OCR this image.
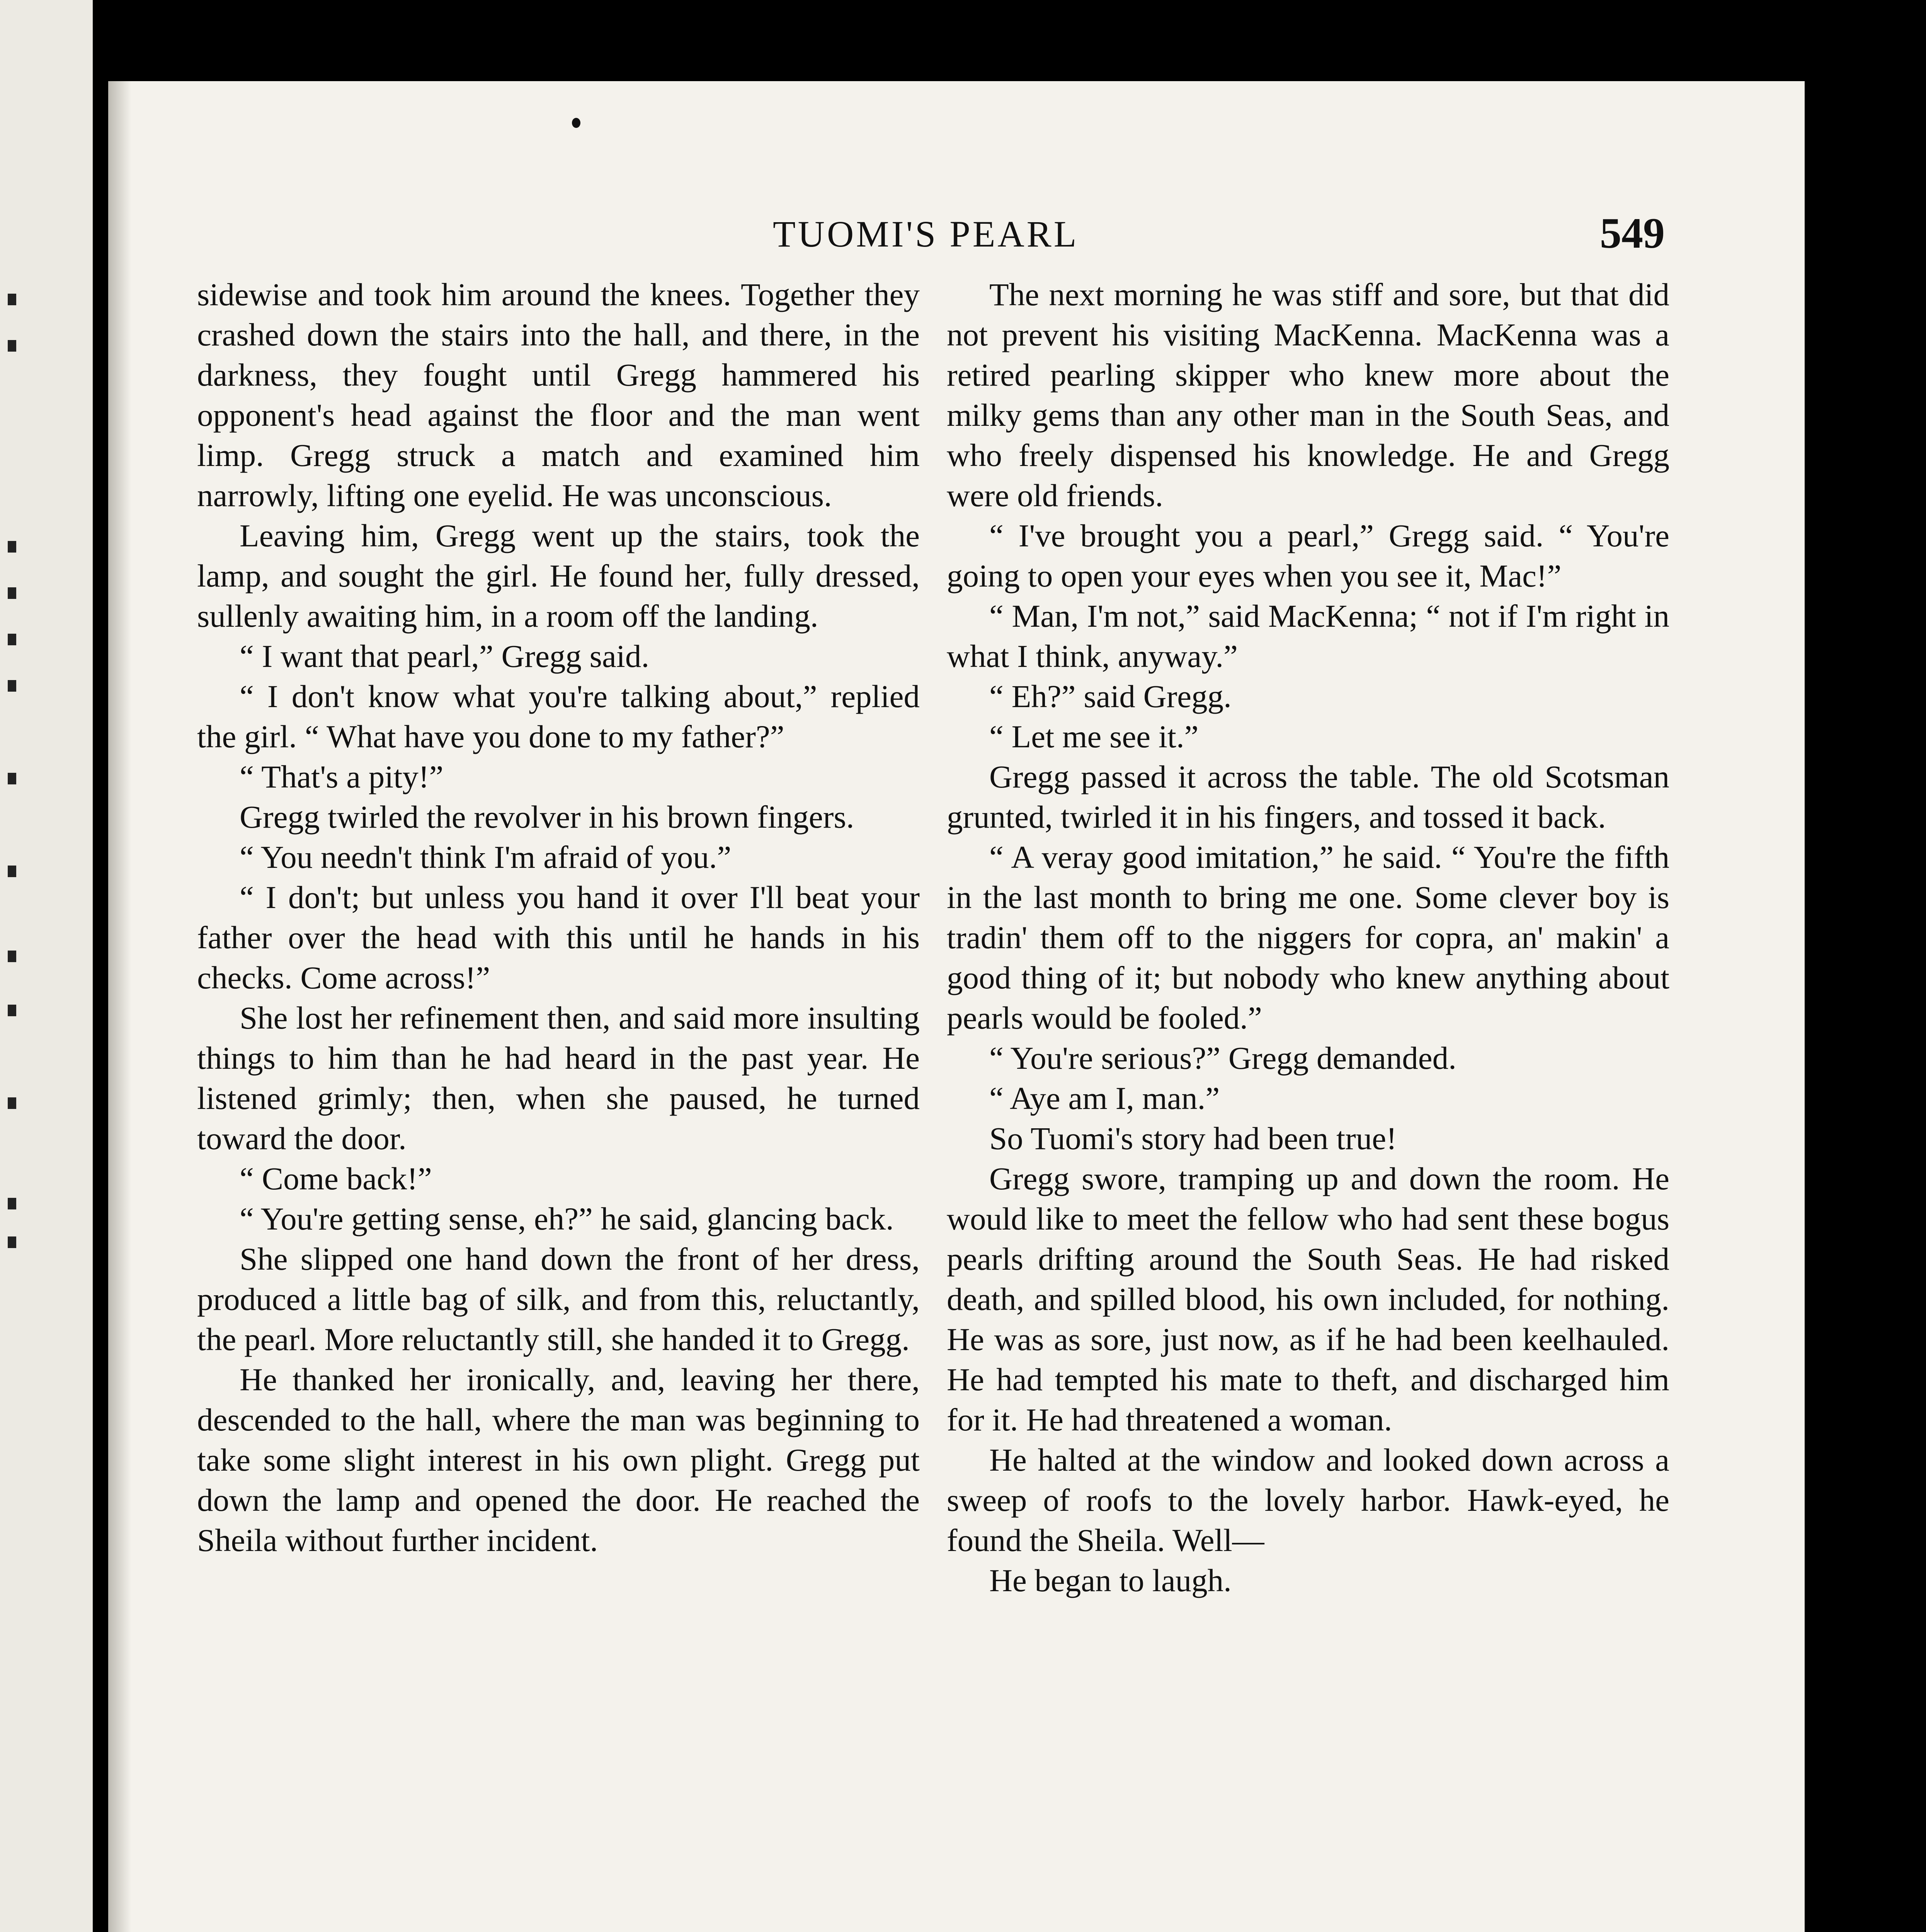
TUOMI'S PEARL	549

sidewise and took him around the knees. Together they crashed down the stairs into the hall, and there, in the darkness, they fought until Gregg hammered his opponent's head against the floor and the man went limp. Gregg struck a match and examined him narrowly, lifting one eyelid. He was unconscious.

Leaving him, Gregg went up the stairs, took the lamp, and sought the girl. He found her, fully dressed, sullenly awaiting him, in a room off the landing.

“ I want that pearl,” Gregg said.

“ I don't know what you're talking about,” replied the girl. “ What have you done to my father?”

“ That's a pity!”

Gregg twirled the revolver in his brown fingers.

“ You needn't think I'm afraid of you.”

“ I don't; but unless you hand it over I'll beat your father over the head with this until he hands in his checks. Come across!”

She lost her refinement then, and said more insulting things to him than he had heard in the past year. He listened grimly; then, when she paused, he turned toward the door.

“ Come back!”

“ You're getting sense, eh?” he said, glancing back.

She slipped one hand down the front of her dress, produced a little bag of silk, and from this, reluctantly, the pearl. More reluctantly still, she handed it to Gregg.

He thanked her ironically, and, leaving her there, descended to the hall, where the man was beginning to take some slight interest in his own plight. Gregg put down the lamp and opened the door. He reached the Sheila without further incident.

The next morning he was stiff and sore, but that did not prevent his visiting MacKenna. MacKenna was a retired pearling skipper who knew more about the milky gems than any other man in the South Seas, and who freely dispensed his knowledge. He and Gregg were old friends.

“ I've brought you a pearl,” Gregg said. “ You're going to open your eyes when you see it, Mac!”

“ Man, I'm not,” said MacKenna; “ not if I'm right in what I think, anyway.”

“ Eh?” said Gregg.

“ Let me see it.”

Gregg passed it across the table. The old Scotsman grunted, twirled it in his fingers, and tossed it back.

“ A veray good imitation,” he said. “ You're the fifth in the last month to bring me one. Some clever boy is tradin' them off to the niggers for copra, an' makin' a good thing of it; but nobody who knew anything about pearls would be fooled.”

“ You're serious?” Gregg demanded.

“ Aye am I, man.”

So Tuomi's story had been true!

Gregg swore, tramping up and down the room. He would like to meet the fellow who had sent these bogus pearls drifting around the South Seas. He had risked death, and spilled blood, his own included, for nothing. He was as sore, just now, as if he had been keelhauled. He had tempted his mate to theft, and discharged him for it. He had threatened a woman.

He halted at the window and looked down across a sweep of roofs to the lovely harbor. Hawk-eyed, he found the Sheila. Well—

He began to laugh.
